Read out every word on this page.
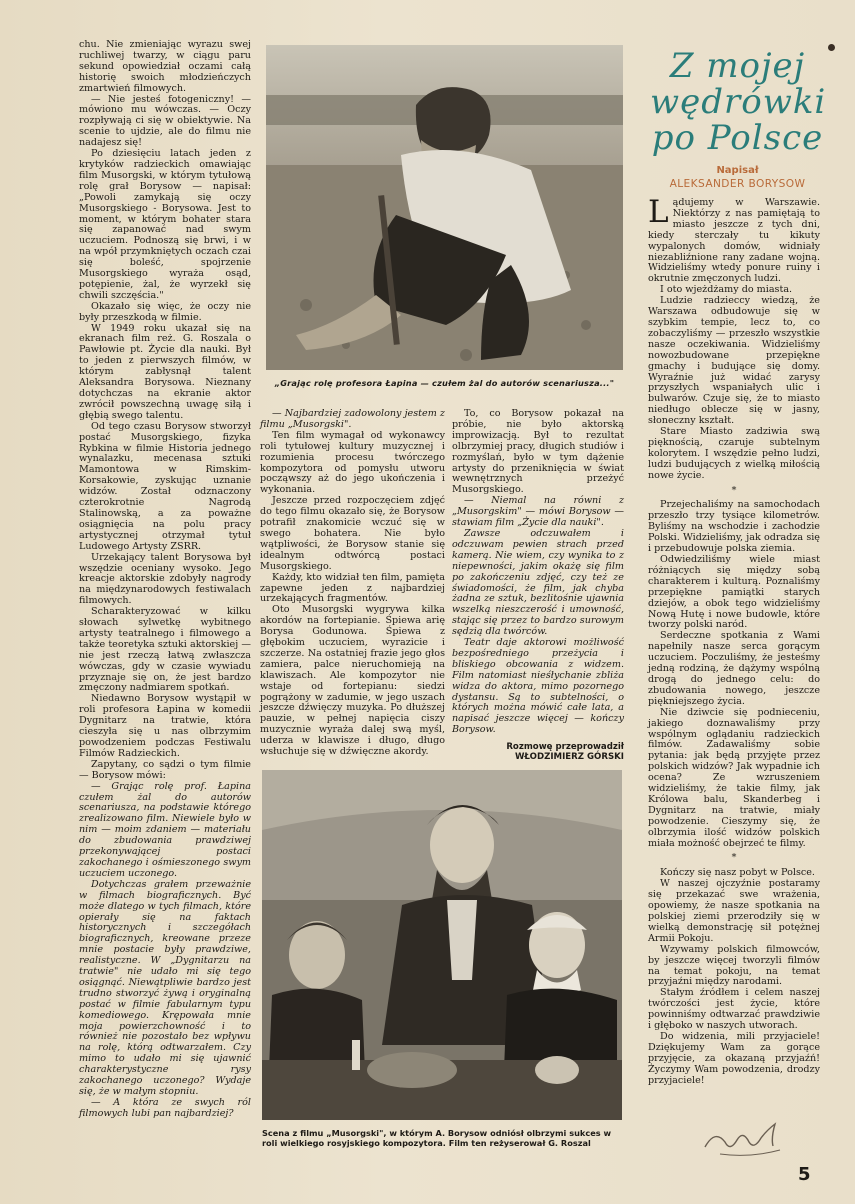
chu. Nie zmieniając wyrazu swej ruchliwej twarzy, w ciągu paru sekund opowiedział oczami całą historię swoich młodzieńczych zmartwień filmowych.

— Nie jesteś fotogeniczny! — mówiono mu wówczas. — Oczy rozpływają ci się w obiektywie. Na scenie to ujdzie, ale do filmu nie nadajesz się!

Po dziesięciu latach jeden z krytyków radzieckich omawiając film Musorgski, w którym tytułową rolę grał Borysow — napisał: „Powoli zamykają się oczy Musorgskiego - Borysowa. Jest to moment, w którym bohater stara się zapanować nad swym uczuciem. Podnoszą się brwi, i w na wpół przymkniętych oczach czai się boleść, spojrzenie Musorgskiego wyraża osąd, potępienie, żal, że wyrzekł się chwili szczęścia."

Okazało się więc, że oczy nie były przeszkodą w filmie.

W 1949 roku ukazał się na ekranach film reż. G. Roszala o Pawłowie pt. Życie dla nauki. Był to jeden z pierwszych filmów, w którym zabłysnął talent Aleksandra Borysowa. Nieznany dotychczas na ekranie aktor zwrócił powszechną uwagę siłą i głębią swego talentu.

Od tego czasu Borysow stworzył postać Musorgskiego, fizyka Rybkina w filmie Historia jednego wynalazku, mecenasa sztuki Mamontowa w Rimskim-Korsakowie, zyskując uznanie widzów. Został odznaczony czterokrotnie Nagrodą Stalinowską, a za poważne osiągnięcia na polu pracy artystycznej otrzymał tytuł Ludowego Artysty ZSRR.

Urzekający talent Borysowa był wszędzie oceniany wysoko. Jego kreacje aktorskie zdobyły nagrody na międzynarodowych festiwalach filmowych.

Scharakteryzować w kilku słowach sylwetkę wybitnego artysty teatralnego i filmowego a także teoretyka sztuki aktorskiej — nie jest rzeczą łatwą zwłaszcza wówczas, gdy w czasie wywiadu przyznaje się on, że jest bardzo zmęczony nadmiarem spotkań.

Niedawno Borysow wystąpił w roli profesora Łapina w komedii Dygnitarz na tratwie, która cieszyła się u nas olbrzymim powodzeniem podczas Festiwalu Filmów Radzieckich.

Zapytany, co sądzi o tym filmie — Borysow mówi:

— Grając rolę prof. Łapina czułem żal do autorów scenariusza, na podstawie którego zrealizowano film. Niewiele było w nim — moim zdaniem — materiału do zbudowania prawdziwej przekonywającej postaci zakochanego i ośmieszonego swym uczuciem uczonego.

Dotychczas grałem przeważnie w filmach biograficznych. Być może dlatego w tych filmach, które opierały się na faktach historycznych i szczegółach biograficznych, kreowane przeze mnie postacie były prawdziwe, realistyczne. W „Dygnitarzu na tratwie" nie udało mi się tego osiągnąć. Niewątpliwie bardzo jest trudno stworzyć żywą i oryginalną postać w filmie fabularnym typu komediowego. Krępowała mnie moja powierzchowność i to również nie pozostało bez wpływu na rolę, którą odtwarzałem. Czy mimo to udało mi się ujawnić charakterystyczne rysy zakochanego uczonego? Wydaje się, że w małym stopniu.

— A która ze swych ról filmowych lubi pan najbardziej?

„Grając rolę profesora Łapina — czułem żal do autorów scenariusza..."

— Najbardziej zadowolony jestem z filmu „Musorgski".

Ten film wymagał od wykonawcy roli tytułowej kultury muzycznej i rozumienia procesu twórczego kompozytora od pomysłu utworu począwszy aż do jego ukończenia i wykonania.

Jeszcze przed rozpoczęciem zdjęć do tego filmu okazało się, że Borysow potrafił znakomicie wczuć się w swego bohatera. Nie było wątpliwości, że Borysow stanie się idealnym odtwórcą postaci Musorgskiego.

Każdy, kto widział ten film, pamięta zapewne jeden z najbardziej urzekających fragmentów.

Oto Musorgski wygrywa kilka akordów na fortepianie. Śpiewa arię Borysa Godunowa. Śpiewa z głębokim uczuciem, wyrazicie i szczerze. Na ostatniej frazie jego głos zamiera, palce nieruchomieją na klawiszach. Ale kompozytor nie wstaje od fortepianu: siedzi pogrążony w zadumie, w jego uszach jeszcze dźwięczy muzyka. Po dłuższej pauzie, w pełnej napięcia ciszy muzycznie wyraża dalej swą myśl, uderza w klawisze i długo, długo wsłuchuje się w dźwięczne akordy.

To, co Borysow pokazał na próbie, nie było aktorską improwizacją. Był to rezultat olbrzymiej pracy, długich studiów i rozmyślań, było w tym dążenie artysty do przeniknięcia w świat wewnętrznych przeżyć Musorgskiego.

— Niemal na równi z „Musorgskim" — mówi Borysow — stawiam film „Życie dla nauki".

Zawsze odczuwałem i odczuwam pewien strach przed kamerą. Nie wiem, czy wynika to z niepewności, jakim okażę się film po zakończeniu zdjęć, czy też ze świadomości, że film, jak chyba żadna ze sztuk, bezlitośnie ujawnia wszelką nieszczerość i umowność, stając się przez to bardzo surowym sędzią dla twórców.

Teatr daje aktorowi możliwość bezpośredniego przeżycia i bliskiego obcowania z widzem. Film natomiast nieśłychanie zbliża widza do aktora, mimo pozornego dystansu. Są to subtelności, o których można mówić całe lata, a napisać jeszcze więcej — kończy Borysow.

Rozmowę przeprowadził
WŁODZIMIERZ GÓRSKI
Scena z filmu „Musorgski", w którym A. Borysow odniósł olbrzymi sukces w roli wielkiego rosyjskiego kompozytora. Film ten reżyserował G. Roszal
Z mojej
wędrówki
po Polsce
Napisał
ALEKSANDER BORYSOW

Lądujemy w Warszawie. Niektórzy z nas pamiętają to miasto jeszcze z tych dni, kiedy sterczały tu kikuty wypalonych domów, widniały niezabliźnione rany zadane wojną. Widzieliśmy wtedy ponure ruiny i okrutnie zmęczonych ludzi.

I oto wjeżdżamy do miasta.

Ludzie radzieccy wiedzą, że Warszawa odbudowuje się w szybkim tempie, lecz to, co zobaczyliśmy — przeszło wszystkie nasze oczekiwania. Widzieliśmy nowozbudowane przepiękne gmachy i budujące się domy. Wyraźnie już widać zarysy przyszłych wspaniałych ulic i bulwarów. Czuje się, że to miasto niedługo oblecze się w jasny, słoneczny kształt.

Stare Miasto zadziwia swą pięknością, czaruje subtelnym kolorytem. I wszędzie pełno ludzi, ludzi budujących z wielką miłością nowe życie.

*

Przejechaliśmy na samochodach przeszło trzy tysiące kilometrów. Byliśmy na wschodzie i zachodzie Polski. Widzieliśmy, jak odradza się i przebudowuje polska ziemia.

Odwiedziliśmy wiele miast różniących się między sobą charakterem i kulturą. Poznaliśmy przepiękne pamiątki starych dziejów, a obok tego widzieliśmy Nową Hutę i nowe budowle, które tworzy polski naród.

Serdeczne spotkania z Wami napełnily nasze serca gorącym uczuciem. Poczuliśmy, że jesteśmy jedną rodziną, że dążymy wspólną drogą do jednego celu: do zbudowania nowego, jeszcze piękniejszego życia.

Nie dziwcie się podnieceniu, jakiego doznawaliśmy przy wspólnym oglądaniu radzieckich filmów. Zadawaliśmy sobie pytania: jak będą przyjęte przez polskich widzów? Jak wypadnie ich ocena? Ze wzruszeniem widzieliśmy, że takie filmy, jak Królowa balu, Skanderbeg i Dygnitarz na tratwie, miały powodzenie. Cieszymy się, że olbrzymia ilość widzów polskich miała możność obejrzeć te filmy.

*

Kończy się nasz pobyt w Polsce.

W naszej ojczyźnie postaramy się przekazać swe wrażenia, opowiemy, że nasze spotkania na polskiej ziemi przerodziły się w wielką demonstrację sił potężnej Armii Pokoju.

Wzywamy polskich filmowców, by jeszcze więcej tworzyli filmów na temat pokoju, na temat przyjaźni między narodami.

Stałym źródłem i celem naszej twórczości jest życie, które powinniśmy odtwarzać prawdziwie i głęboko w naszych utworach.

Do widzenia, mili przyjaciele! Dziękujemy Wam za gorące przyjęcie, za okazaną przyjaźń! Życzymy Wam powodzenia, drodzy przyjaciele!

5
